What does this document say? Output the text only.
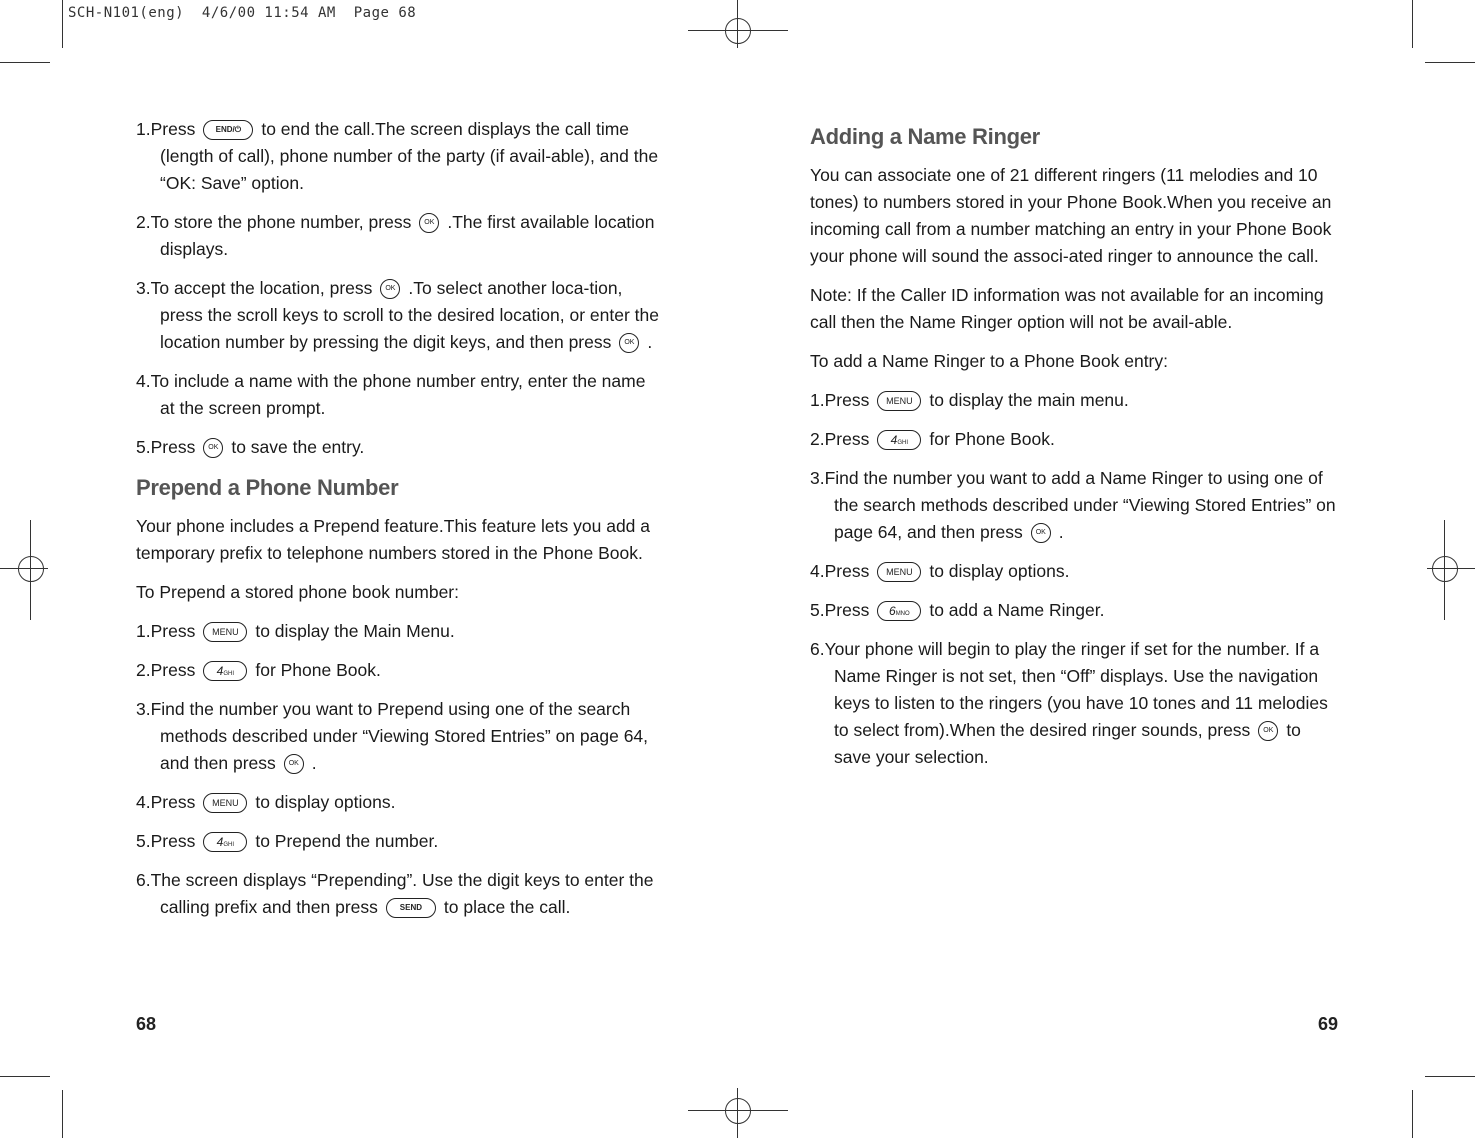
SCH-N101(eng)  4/6/00 11:54 AM  Page 68
1.Press	END/⏻ to end the call.The screen displays the call time (length of call), phone number of the party (if avail-able), and the “OK: Save” option.
2.To store the phone number, press OK .The first available location displays.
3.To accept the location, press OK .To select another loca-tion, press the scroll keys to scroll to the desired location, or enter the location number by pressing the digit keys, and then press OK .
4.To include a name with the phone number entry, enter the name at the screen prompt.
5.Press OK to save the entry.
Prepend a Phone Number

Your phone includes a Prepend feature.This feature lets you add a temporary prefix to telephone numbers stored in the Phone Book.

To Prepend a stored phone book number:

1.Press MENU to display the Main Menu.
2.Press 4GHI for Phone Book.
3.Find the number you want to Prepend using one of the search methods described under “Viewing Stored Entries” on page 64, and then press OK .
4.Press MENU to display options.
5.Press 4GHI to Prepend the number.
6.The screen displays “Prepending”. Use the digit keys to enter the calling prefix and then press	SEND to place the call.
68
Adding a Name Ringer

You can associate one of 21 different ringers (11 melodies and 10 tones) to numbers stored in your Phone Book.When you receive an incoming call from a number matching an entry in your Phone Book your phone will sound the associ-ated ringer to announce the call.

Note: If the Caller ID information was not available for an incoming call then the Name Ringer option will not be avail-able.

To add a Name Ringer to a Phone Book entry:

1.Press MENU to display the main menu.
2.Press 4GHI for Phone Book.
3.Find the number you want to add a Name Ringer to using one of the search methods described under “Viewing Stored Entries” on page 64, and then press OK .
4.Press MENU to display options.
5.Press 6MNO to add a Name Ringer.
6.Your phone will begin to play the ringer if set for the number. If a Name Ringer is not set, then “Off” displays. Use the navigation keys to listen to the ringers (you have 10 tones and 11 melodies to select from).When the desired ringer sounds, press OK to save your selection.
69
